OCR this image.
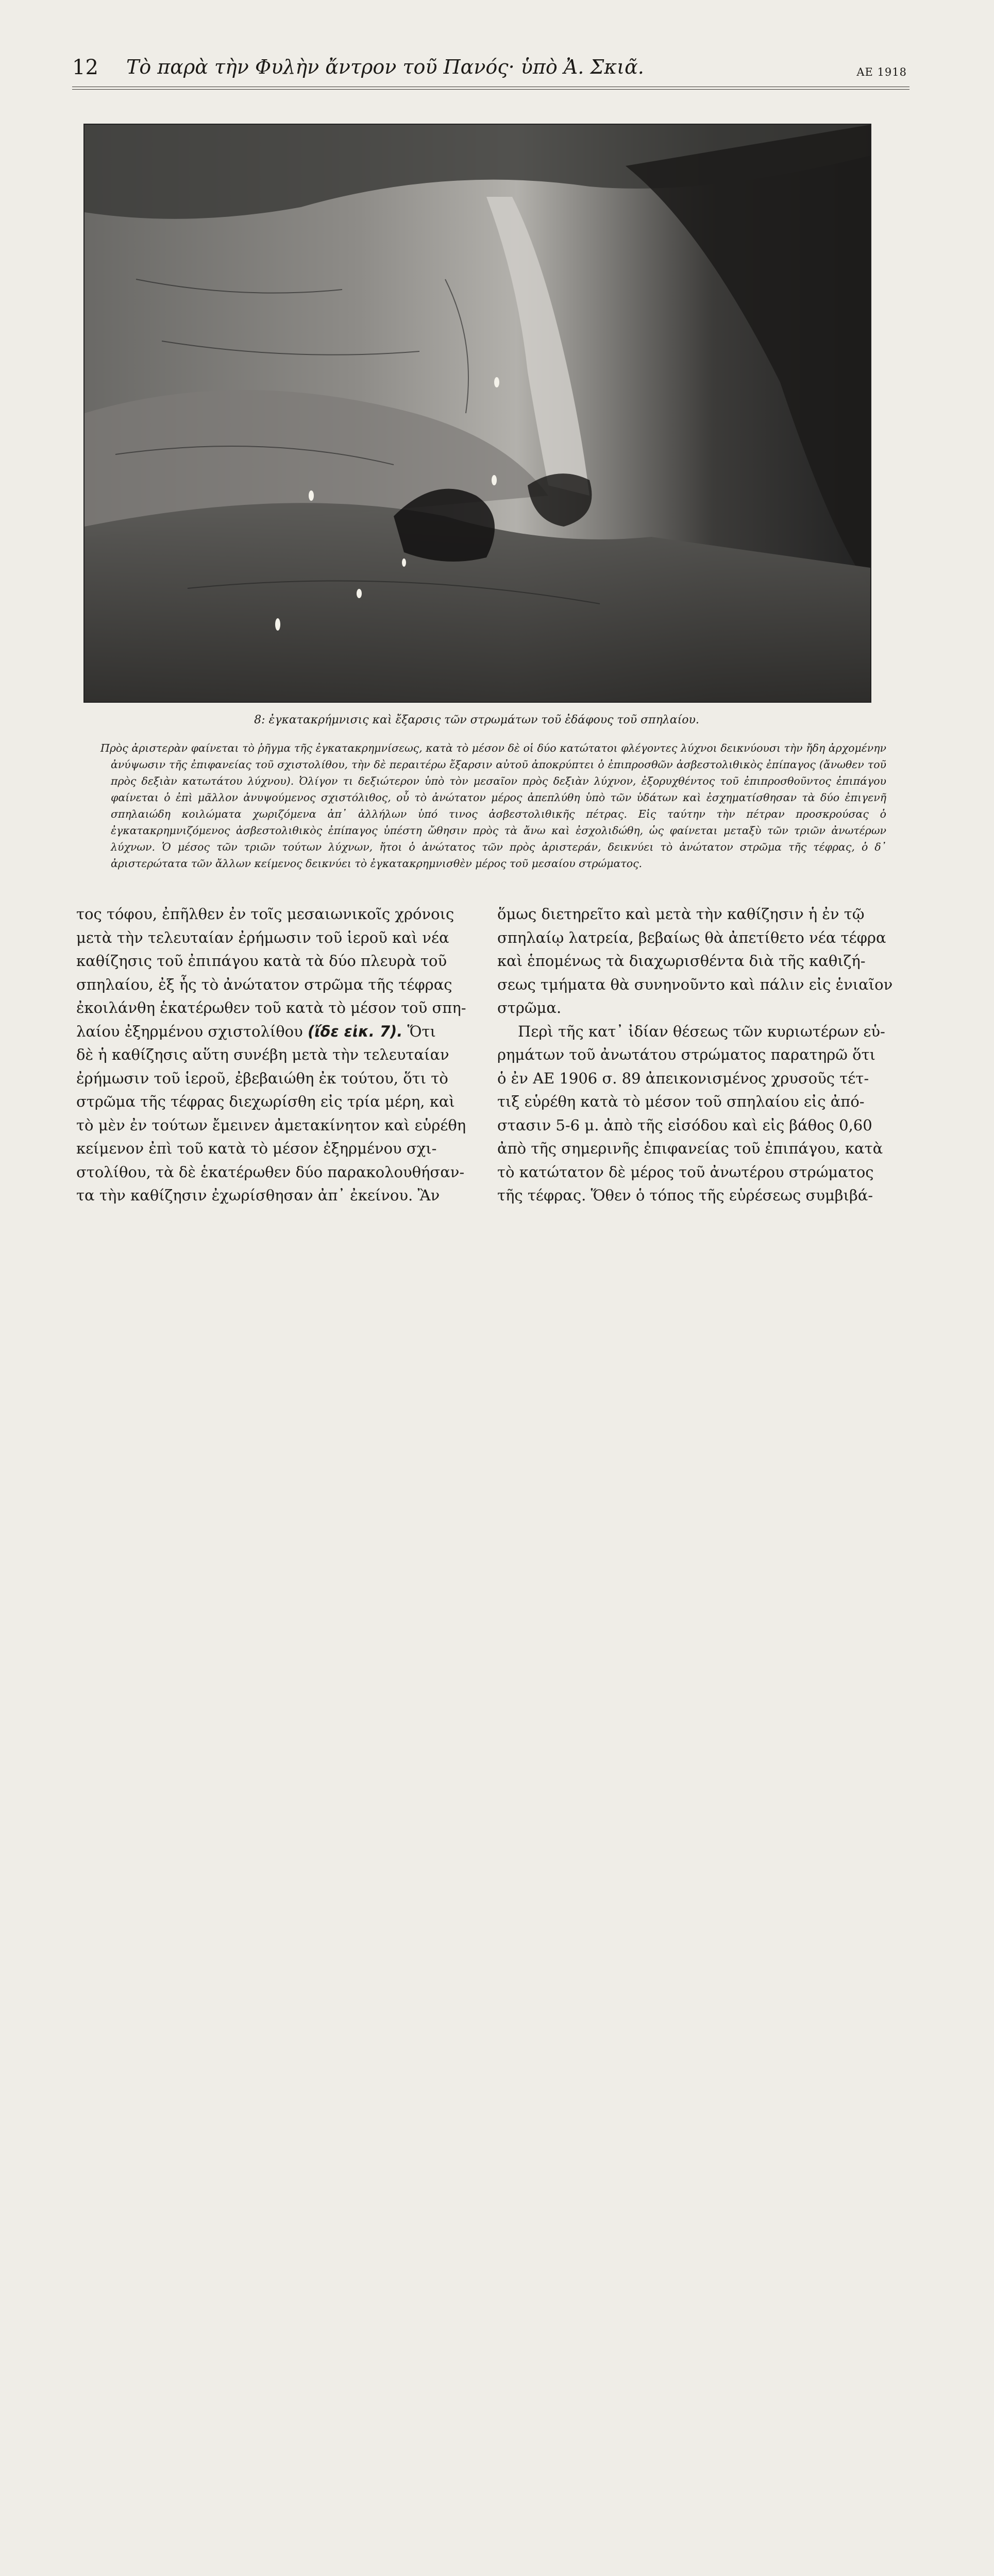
12 Τὸ παρὰ τὴν Φυλὴν ἄντρον τοῦ Πανός· ὑπὸ Ἀ. Σκιᾶ.	ΑΕ 1918
8: ἐγκατακρήμνισις καὶ ἔξαρσις τῶν στρωμάτων τοῦ ἐδάφους τοῦ σπηλαίου.
Πρὸς ἀριστερὰν φαίνεται τὸ ῥῆγμα τῆς ἐγκατακρημνίσεως, κατὰ τὸ μέσον δὲ οἱ δύο κατώτατοι φλέγοντες λύχνοι δεικνύουσι τὴν ἤδη ἀρχομένην ἀνύψωσιν τῆς ἐπιφανείας τοῦ σχιστολίθου, τὴν δὲ περαιτέρω ἔξαρσιν αὐτοῦ ἀποκρύπτει ὁ ἐπιπροσθῶν ἀσβεστολιθικὸς ἐπίπαγος (ἄνωθεν τοῦ πρὸς δεξιὰν κατωτάτου λύχνου). Ὀλίγον τι δεξιώτερον ὑπὸ τὸν μεσαῖον πρὸς δεξιὰν λύχνον, ἐξορυχθέντος τοῦ ἐπιπροσθοῦντος ἐπιπάγου φαίνεται ὁ ἐπὶ μᾶλλον ἀνυψούμενος σχιστόλιθος, οὗ τὸ ἀνώτατον μέρος ἀπεπλύθη ὑπὸ τῶν ὑδάτων καὶ ἐσχηματίσθησαν τὰ δύο ἐπιγενῆ σπηλαιώδη κοιλώματα χωριζόμενα ἀπ᾽ ἀλλήλων ὑπό τινος ἀσβεστολιθικῆς πέτρας. Εἰς ταύτην τὴν πέτραν προσκρούσας ὁ ἐγκατακρημνιζόμενος ἀσβεστολιθικὸς ἐπίπαγος ὑπέστη ὤθησιν πρὸς τὰ ἄνω καὶ ἐσχολιδώθη, ὡς φαίνεται μεταξὺ τῶν τριῶν ἀνωτέρων λύχνων. Ὁ μέσος τῶν τριῶν τούτων λύχνων, ἤτοι ὁ ἀνώτατος τῶν πρὸς ἀριστεράν, δεικνύει τὸ ἀνώτατον στρῶμα τῆς τέφρας, ὁ δ᾽ ἀριστερώτατα τῶν ἄλλων κείμενος δεικνύει τὸ ἐγκατακρημνισθὲν μέρος τοῦ μεσαίου στρώματος.
τος τόφου, ἐπῆλθεν ἐν τοῖς μεσαιωνικοῖς χρόνοις
μετὰ τὴν τελευταίαν ἐρήμωσιν τοῦ ἱεροῦ καὶ νέα
καθίζησις τοῦ ἐπιπάγου κατὰ τὰ δύο πλευρὰ τοῦ
σπηλαίου, ἐξ ἧς τὸ ἀνώτατον στρῶμα τῆς τέφρας
ἐκοιλάνθη ἑκατέρωθεν τοῦ κατὰ τὸ μέσον τοῦ σπη-
λαίου ἐξηρμένου σχιστολίθου (ἴδε εἰκ. 7). Ὅτι
δὲ ἡ καθίζησις αὕτη συνέβη μετὰ τὴν τελευταίαν
ἐρήμωσιν τοῦ ἱεροῦ, ἐβεβαιώθη ἐκ τούτου, ὅτι τὸ
στρῶμα τῆς τέφρας διεχωρίσθη εἰς τρία μέρη, καὶ
τὸ μὲν ἐν τούτων ἔμεινεν ἀμετακίνητον καὶ εὑρέθη
κείμενον ἐπὶ τοῦ κατὰ τὸ μέσον ἐξηρμένου σχι-
στολίθου, τὰ δὲ ἑκατέρωθεν δύο παρακολουθήσαν-
τα τὴν καθίζησιν ἐχωρίσθησαν ἀπ᾽ ἐκείνου. Ἂν
ὅμως διετηρεῖτο καὶ μετὰ τὴν καθίζησιν ἡ ἐν τῷ
σπηλαίῳ λατρεία, βεβαίως θὰ ἀπετίθετο νέα τέφρα
καὶ ἑπομένως τὰ διαχωρισθέντα διὰ τῆς καθιζή-
σεως τμήματα θὰ συνηνοῦντο καὶ πάλιν εἰς ἑνιαῖον
στρῶμα.
Περὶ τῆς κατ᾽ ἰδίαν θέσεως τῶν κυριωτέρων εὑ-
ρημάτων τοῦ ἀνωτάτου στρώματος παρατηρῶ ὅτι
ὁ ἐν ΑΕ 1906 σ. 89 ἀπεικονισμένος χρυσοῦς τέτ-
τιξ εὑρέθη κατὰ τὸ μέσον τοῦ σπηλαίου εἰς ἀπό-
στασιν 5-6 μ. ἀπὸ τῆς εἰσόδου καὶ εἰς βάθος 0,60
ἀπὸ τῆς σημερινῆς ἐπιφανείας τοῦ ἐπιπάγου, κατὰ
τὸ κατώτατον δὲ μέρος τοῦ ἀνωτέρου στρώματος
τῆς τέφρας. Ὅθεν ὁ τόπος τῆς εὑρέσεως συμβιβά-
